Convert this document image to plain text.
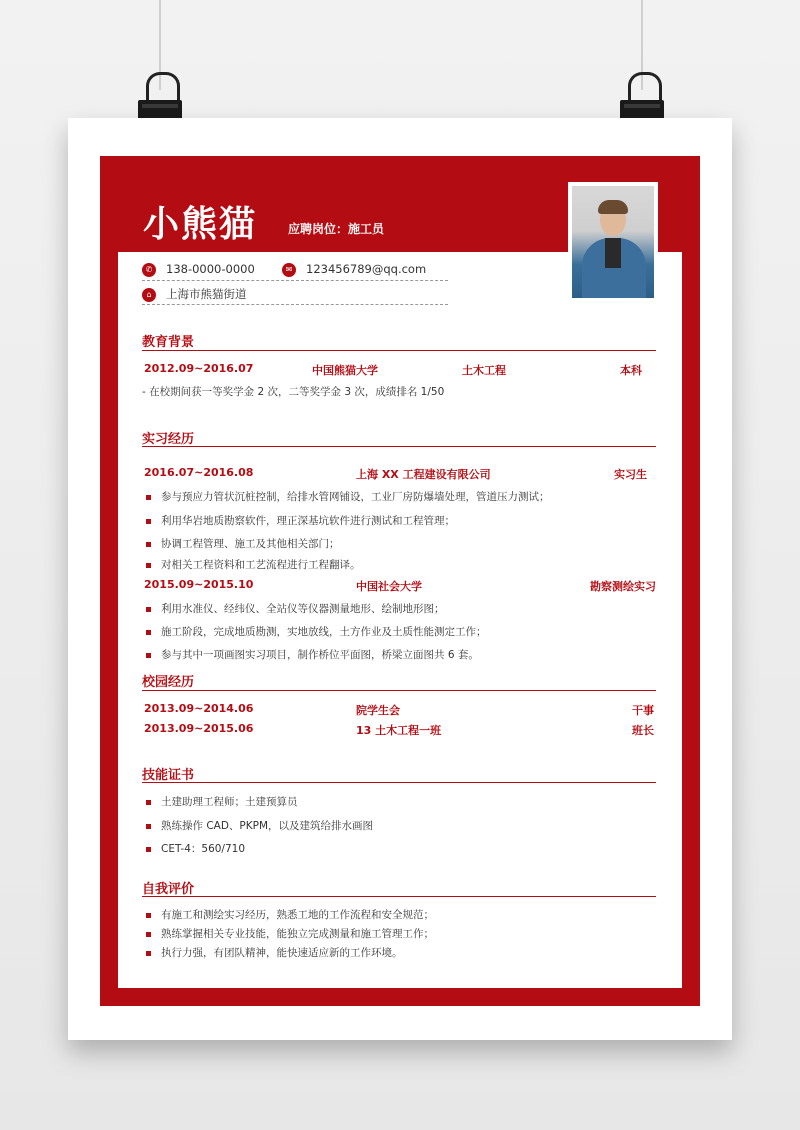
小熊猫	应聘岗位：施工员
✆ 138-0000-0000	✉ 123456789@qq.com
⌂ 上海市熊猫街道
教育背景
2012.09~2016.07	中国熊猫大学	土木工程	本科
- 在校期间获一等奖学金 2 次，二等奖学金 3 次，成绩排名 1/50
实习经历
2016.07~2016.08	上海 XX 工程建设有限公司	实习生
参与预应力管状沉桩控制，给排水管网铺设，工业厂房防爆墙处理，管道压力测试；
利用华岩地质勘察软件，理正深基坑软件进行测试和工程管理；
协调工程管理、施工及其他相关部门；
对相关工程资料和工艺流程进行工程翻译。
2015.09~2015.10	中国社会大学	勘察测绘实习
利用水准仪、经纬仪、全站仪等仪器测量地形、绘制地形图；
施工阶段，完成地质勘测，实地放线，土方作业及土质性能测定工作；
参与其中一项画图实习项目，制作桥位平面图，桥梁立面图共 6 套。
校园经历
2013.09~2014.06	院学生会	干事
2013.09~2015.06	13 土木工程一班	班长
技能证书
土建助理工程师；土建预算员
熟练操作 CAD、PKPM，以及建筑给排水画图
CET-4：560/710
自我评价
有施工和测绘实习经历，熟悉工地的工作流程和安全规范；
熟练掌握相关专业技能，能独立完成测量和施工管理工作；
执行力强，有团队精神，能快速适应新的工作环境。
